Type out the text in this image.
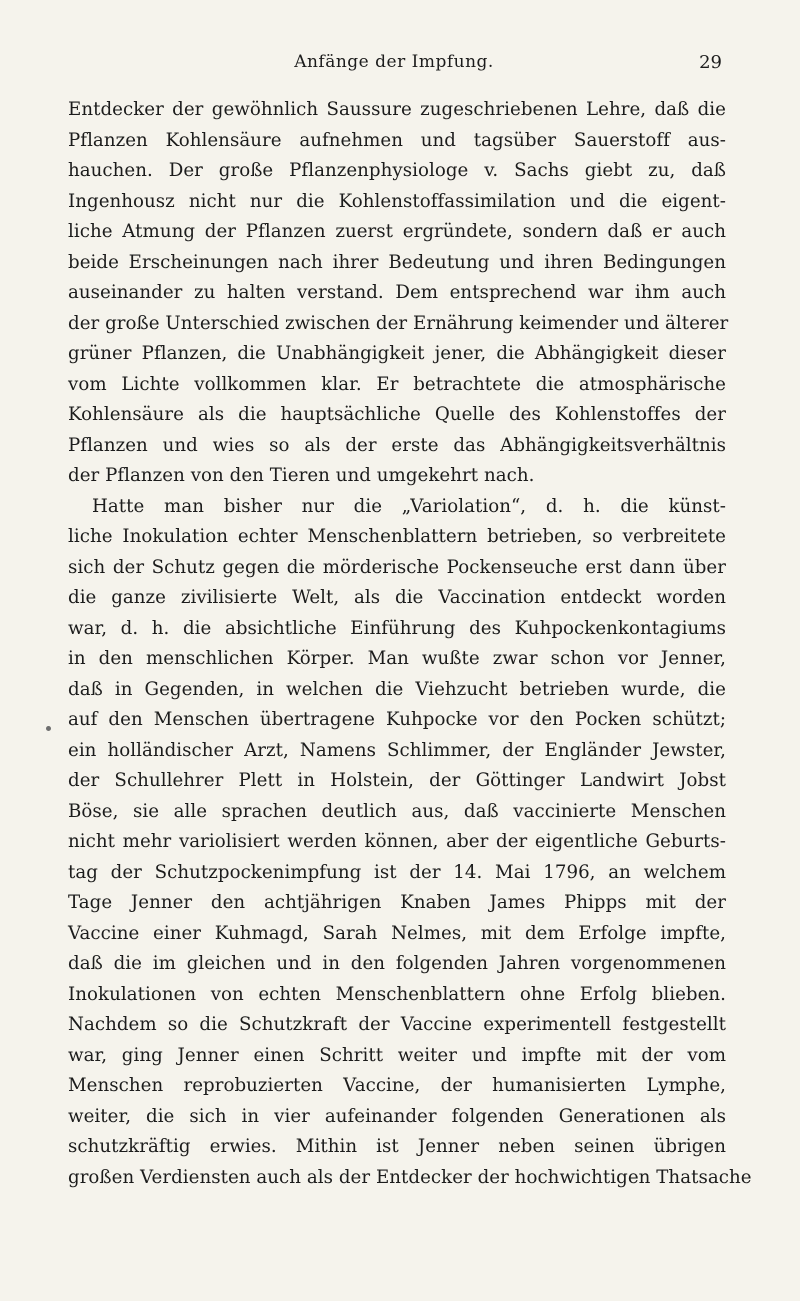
Anfänge der Impfung.	29
Entdecker der gewöhnlich Saussure zugeschriebenen Lehre, daß die
Pflanzen Kohlensäure aufnehmen und tagsüber Sauerstoff aus-
hauchen. Der große Pflanzenphysiologe v. Sachs giebt zu, daß
Ingenhousz nicht nur die Kohlenstoffassimilation und die eigent-
liche Atmung der Pflanzen zuerst ergründete, sondern daß er auch
beide Erscheinungen nach ihrer Bedeutung und ihren Bedingungen
auseinander zu halten verstand. Dem entsprechend war ihm auch
der große Unterschied zwischen der Ernährung keimender und älterer
grüner Pflanzen, die Unabhängigkeit jener, die Abhängigkeit dieser
vom Lichte vollkommen klar. Er betrachtete die atmosphärische
Kohlensäure als die hauptsächliche Quelle des Kohlenstoffes der
Pflanzen und wies so als der erste das Abhängigkeitsverhältnis
der Pflanzen von den Tieren und umgekehrt nach.
Hatte man bisher nur die „Variolation“, d. h. die künst-
liche Inokulation echter Menschenblattern betrieben, so verbreitete
sich der Schutz gegen die mörderische Pockenseuche erst dann über
die ganze zivilisierte Welt, als die Vaccination entdeckt worden
war, d. h. die absichtliche Einführung des Kuhpockenkontagiums
in den menschlichen Körper. Man wußte zwar schon vor Jenner,
daß in Gegenden, in welchen die Viehzucht betrieben wurde, die
auf den Menschen übertragene Kuhpocke vor den Pocken schützt;
ein holländischer Arzt, Namens Schlimmer, der Engländer Jewster,
der Schullehrer Plett in Holstein, der Göttinger Landwirt Jobst
Böse, sie alle sprachen deutlich aus, daß vaccinierte Menschen
nicht mehr variolisiert werden können, aber der eigentliche Geburts-
tag der Schutzpockenimpfung ist der 14. Mai 1796, an welchem
Tage Jenner den achtjährigen Knaben James Phipps mit der
Vaccine einer Kuhmagd, Sarah Nelmes, mit dem Erfolge impfte,
daß die im gleichen und in den folgenden Jahren vorgenommenen
Inokulationen von echten Menschenblattern ohne Erfolg blieben.
Nachdem so die Schutzkraft der Vaccine experimentell festgestellt
war, ging Jenner einen Schritt weiter und impfte mit der vom
Menschen reprobuzierten Vaccine, der humanisierten Lymphe,
weiter, die sich in vier aufeinander folgenden Generationen als
schutzkräftig erwies. Mithin ist Jenner neben seinen übrigen
großen Verdiensten auch als der Entdecker der hochwichtigen Thatsache
